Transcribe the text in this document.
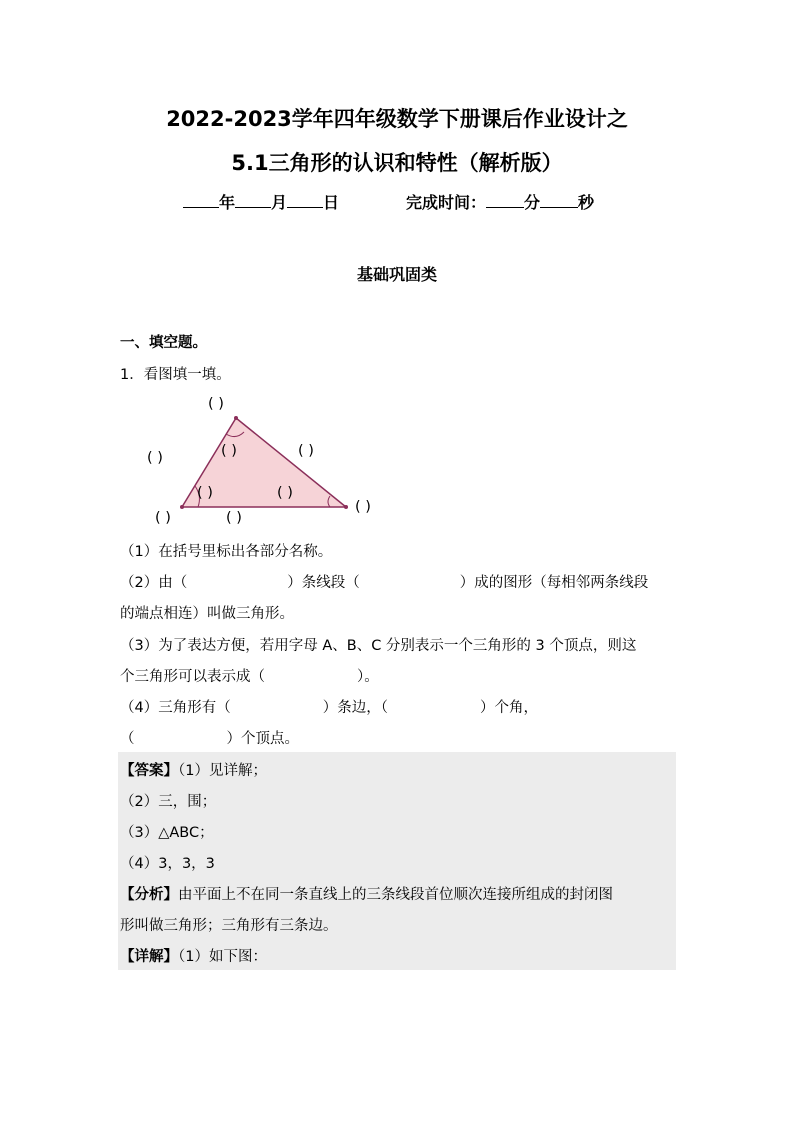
2022-2023学年四年级数学下册课后作业设计之
5.1三角形的认识和特性（解析版）
年 月 日	完成时间： 分 秒
基础巩固类
一、填空题。
1．看图填一填。
( )
( )	( )
( )
( )	( )
( )
( )	( )
（1）在括号里标出各部分名称。
（2）由（	）条线段（	）成的图形（每相邻两条线段
的端点相连）叫做三角形。
（3）为了表达方便，若用字母 A、B、C 分别表示一个三角形的 3 个顶点，则这
个三角形可以表示成（	）。
（4）三角形有（	）条边，（	）个角，
（	）个顶点。
【答案】（1）见详解；
（2）三，围；
（3）△ABC；
（4）3，3，3
【分析】由平面上不在同一条直线上的三条线段首位顺次连接所组成的封闭图
形叫做三角形；三角形有三条边。
【详解】（1）如下图：
